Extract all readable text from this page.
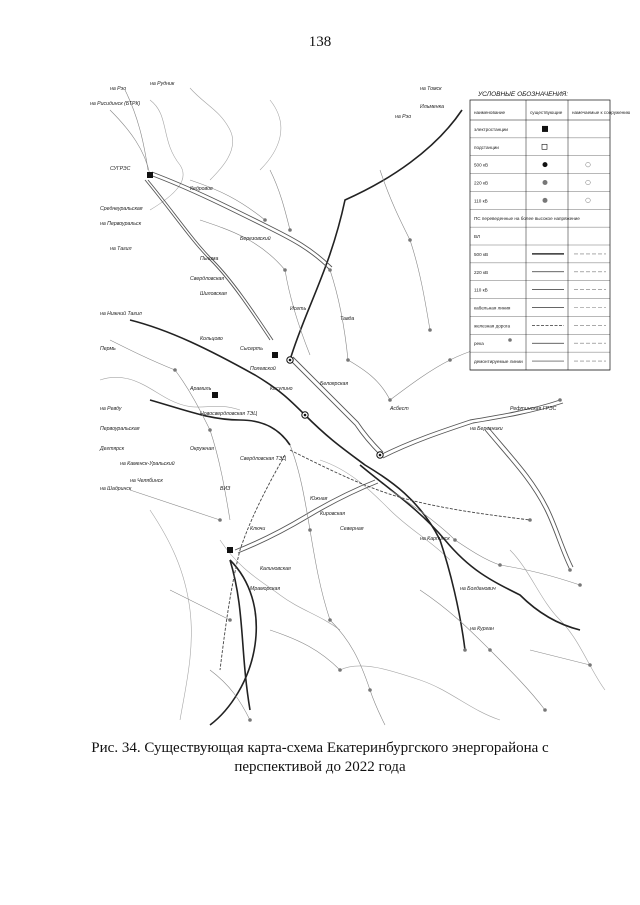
138
УСЛОВНЫЕ ОБОЗНАЧЕНИЯ:
наименование	существующие намечаемые к сооружению
электростанции
подстанции
500 кВ
220 кВ
110 кВ
ПС переведенные на более высокое напряжение
ВЛ
500 кВ
220 кВ
110 кВ
кабельная линия
железная дорога
река
демонтируемые линии
на Томск
на Рудник
на Рисидинск (БТРК)
на Рэо
Ильменка
на Рэо
СУГРЭС
Кедровое
Среднеуральская
на Первоуральск
на Тагил
Березовский
Пышма
Свердловская
Шиловская
Исеть
Тавда
на Нижний Тагил
Кольцово
Сысерть
Полевской
Арамиль	Косулино
Белоярская
Асбест	Рефтинская ГРЭС
на Березники
на Ревду
Первоуральская
Дегтярск
на Каменск-Уральский
на Челябинск
на Шадринск
Южная
Кировская
Северная
на Карпинск
Ключи
на Богданович
Пермь
на Курган
Окружная
Новосвердловская ТЭЦ
Свердловская ТЭЦ
ВИЗ
Калиновская
Мраморская
Рис. 34. Существующая карта-схема Екатеринбургского энергорайона с
перспективой до 2022 года
